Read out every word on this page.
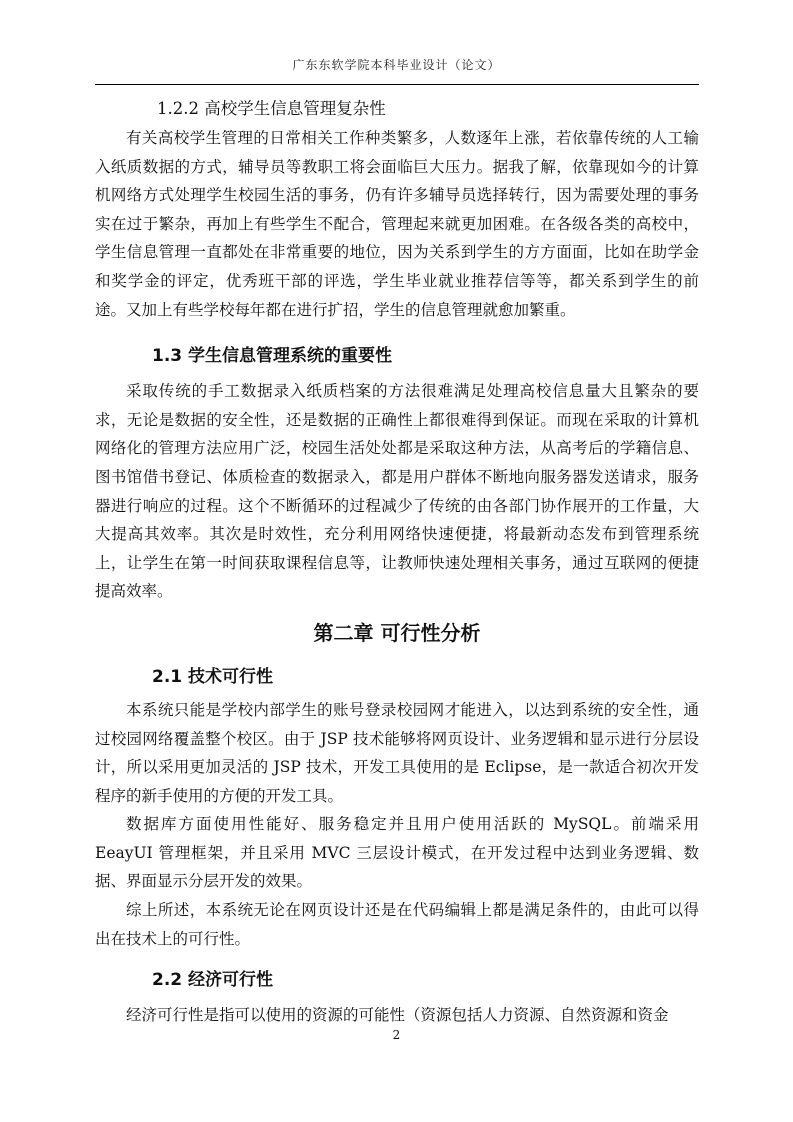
广东东软学院本科毕业设计（论文）
1.2.2 高校学生信息管理复杂性

有关高校学生管理的日常相关工作种类繁多，人数逐年上涨，若依靠传统的人工输入纸质数据的方式，辅导员等教职工将会面临巨大压力。据我了解，依靠现如今的计算机网络方式处理学生校园生活的事务，仍有许多辅导员选择转行，因为需要处理的事务实在过于繁杂，再加上有些学生不配合，管理起来就更加困难。在各级各类的高校中，学生信息管理一直都处在非常重要的地位，因为关系到学生的方方面面，比如在助学金和奖学金的评定，优秀班干部的评选，学生毕业就业推荐信等等，都关系到学生的前途。又加上有些学校每年都在进行扩招，学生的信息管理就愈加繁重。

1.3 学生信息管理系统的重要性

采取传统的手工数据录入纸质档案的方法很难满足处理高校信息量大且繁杂的要求，无论是数据的安全性，还是数据的正确性上都很难得到保证。而现在采取的计算机网络化的管理方法应用广泛，校园生活处处都是采取这种方法，从高考后的学籍信息、图书馆借书登记、体质检查的数据录入，都是用户群体不断地向服务器发送请求，服务器进行响应的过程。这个不断循环的过程减少了传统的由各部门协作展开的工作量，大大提高其效率。其次是时效性，充分利用网络快速便捷，将最新动态发布到管理系统上，让学生在第一时间获取课程信息等，让教师快速处理相关事务，通过互联网的便捷提高效率。

第二章 可行性分析
2.1 技术可行性

本系统只能是学校内部学生的账号登录校园网才能进入，以达到系统的安全性，通过校园网络覆盖整个校区。由于 JSP 技术能够将网页设计、业务逻辑和显示进行分层设计，所以采用更加灵活的 JSP 技术，开发工具使用的是 Eclipse，是一款适合初次开发程序的新手使用的方便的开发工具。

数据库方面使用性能好、服务稳定并且用户使用活跃的 MySQL。前端采用 EeayUI 管理框架，并且采用 MVC 三层设计模式，在开发过程中达到业务逻辑、数据、界面显示分层开发的效果。

综上所述，本系统无论在网页设计还是在代码编辑上都是满足条件的，由此可以得出在技术上的可行性。

2.2 经济可行性

经济可行性是指可以使用的资源的可能性（资源包括人力资源、自然资源和资金

2
